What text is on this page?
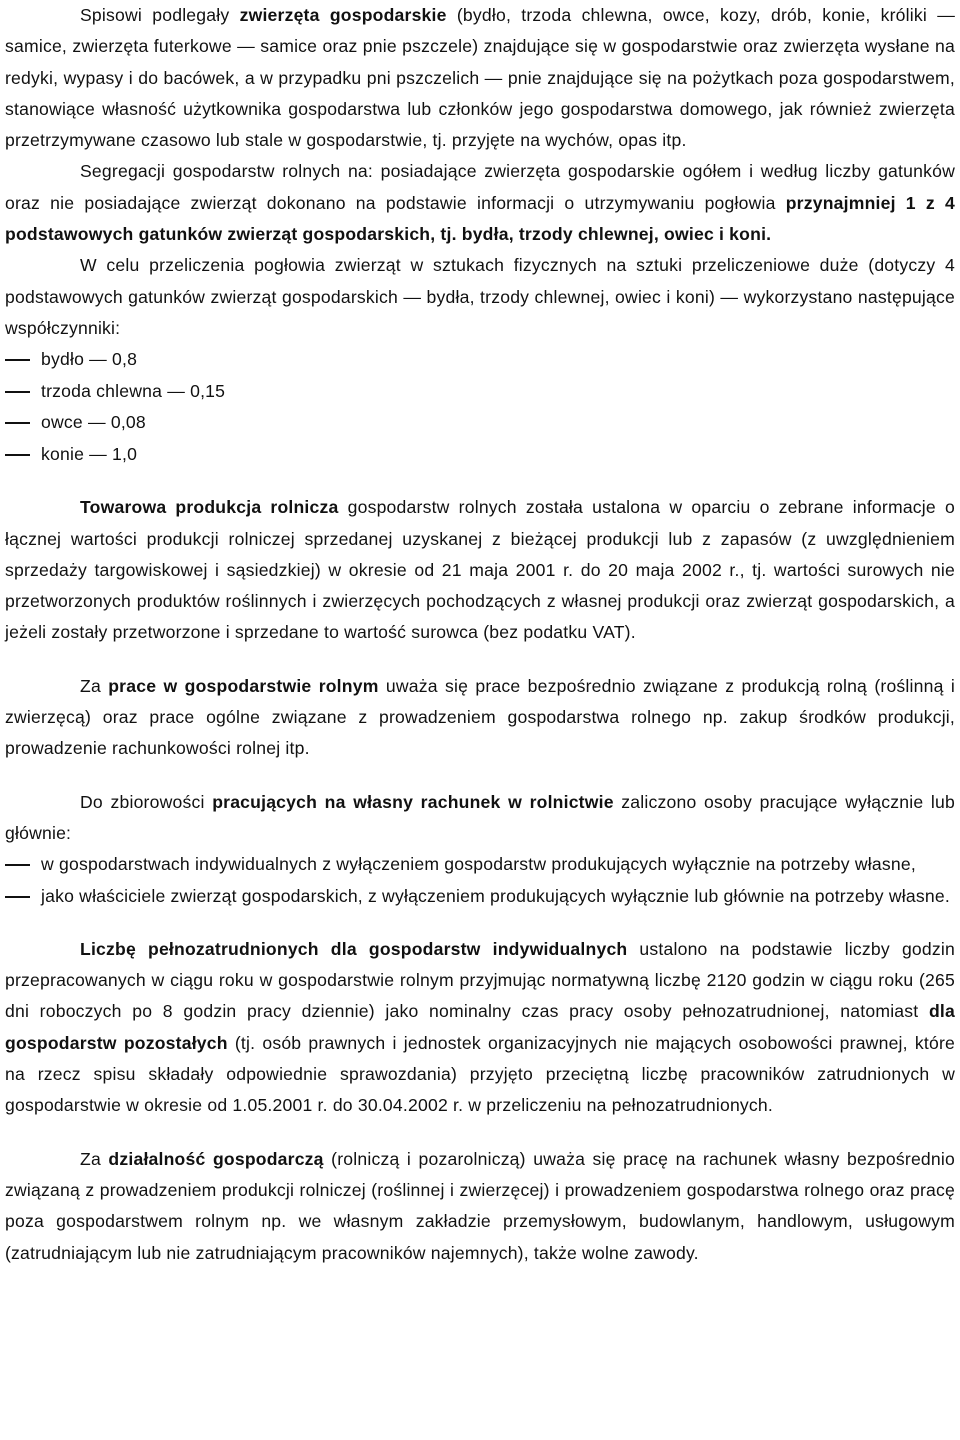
Spisowi podlegały zwierzęta gospodarskie (bydło, trzoda chlewna, owce, kozy, drób, konie, króliki ― samice, zwierzęta futerkowe ― samice oraz pnie pszczele) znajdujące się w gospodarstwie oraz zwierzęta wysłane na redyki, wypasy i do bacówek, a w przypadku pni pszczelich ― pnie znajdujące się na pożytkach poza gospodarstwem, stanowiące własność użytkownika gospodarstwa lub członków jego gospodarstwa domowego, jak również zwierzęta przetrzymywane czasowo lub stale w gospodarstwie, tj. przyjęte na wychów, opas itp.

Segregacji gospodarstw rolnych na: posiadające zwierzęta gospodarskie ogółem i według liczby gatunków oraz nie posiadające zwierząt dokonano na podstawie informacji o utrzymywaniu pogłowia przynajmniej 1 z 4 podstawowych gatunków zwierząt gospodarskich, tj. bydła, trzody chlewnej, owiec i koni.

W celu przeliczenia pogłowia zwierząt w sztukach fizycznych na sztuki przeliczeniowe duże (dotyczy 4 podstawowych gatunków zwierząt gospodarskich ― bydła, trzody chlewnej, owiec i koni) ― wykorzystano następujące współczynniki:

bydło ― 0,8
trzoda chlewna ― 0,15
owce ― 0,08
konie ― 1,0

Towarowa produkcja rolnicza gospodarstw rolnych została ustalona w oparciu o zebrane informacje o łącznej wartości produkcji rolniczej sprzedanej uzyskanej z bieżącej produkcji lub z zapasów (z uwzględnieniem sprzedaży targowiskowej i sąsiedzkiej) w okresie od 21 maja 2001 r. do 20 maja 2002 r., tj. wartości surowych nie przetworzonych produktów roślinnych i zwierzęcych pochodzących z własnej produkcji oraz zwierząt gospodarskich, a jeżeli zostały przetworzone i sprzedane to wartość surowca (bez podatku VAT).

Za prace w gospodarstwie rolnym uważa się prace bezpośrednio związane z produkcją rolną (roślinną i zwierzęcą) oraz prace ogólne związane z prowadzeniem gospodarstwa rolnego np. zakup środków produkcji, prowadzenie rachunkowości rolnej itp.

Do zbiorowości pracujących na własny rachunek w rolnictwie zaliczono osoby pracujące wyłącznie lub głównie:

w gospodarstwach indywidualnych z wyłączeniem gospodarstw produkujących wyłącznie na potrzeby własne,
jako właściciele zwierząt gospodarskich, z wyłączeniem produkujących wyłącznie lub głównie na potrzeby własne.

Liczbę pełnozatrudnionych dla gospodarstw indywidualnych ustalono na podstawie liczby godzin przepracowanych w ciągu roku w gospodarstwie rolnym przyjmując normatywną liczbę 2120 godzin w ciągu roku (265 dni roboczych po 8 godzin pracy dziennie) jako nominalny czas pracy osoby pełnozatrudnionej, natomiast dla gospodarstw pozostałych (tj. osób prawnych i jednostek organizacyjnych nie mających osobowości prawnej, które na rzecz spisu składały odpowiednie sprawozdania) przyjęto przeciętną liczbę pracowników zatrudnionych w gospodarstwie w okresie od 1.05.2001 r. do 30.04.2002 r. w przeliczeniu na pełnozatrudnionych.

Za działalność gospodarczą (rolniczą i pozarolniczą) uważa się pracę na rachunek własny bezpośrednio związaną z prowadzeniem produkcji rolniczej (roślinnej i zwierzęcej) i prowadzeniem gospodarstwa rolnego oraz pracę poza gospodarstwem rolnym np. we własnym zakładzie przemysłowym, budowlanym, handlowym, usługowym (zatrudniającym lub nie zatrudniającym pracowników najemnych), także wolne zawody.
